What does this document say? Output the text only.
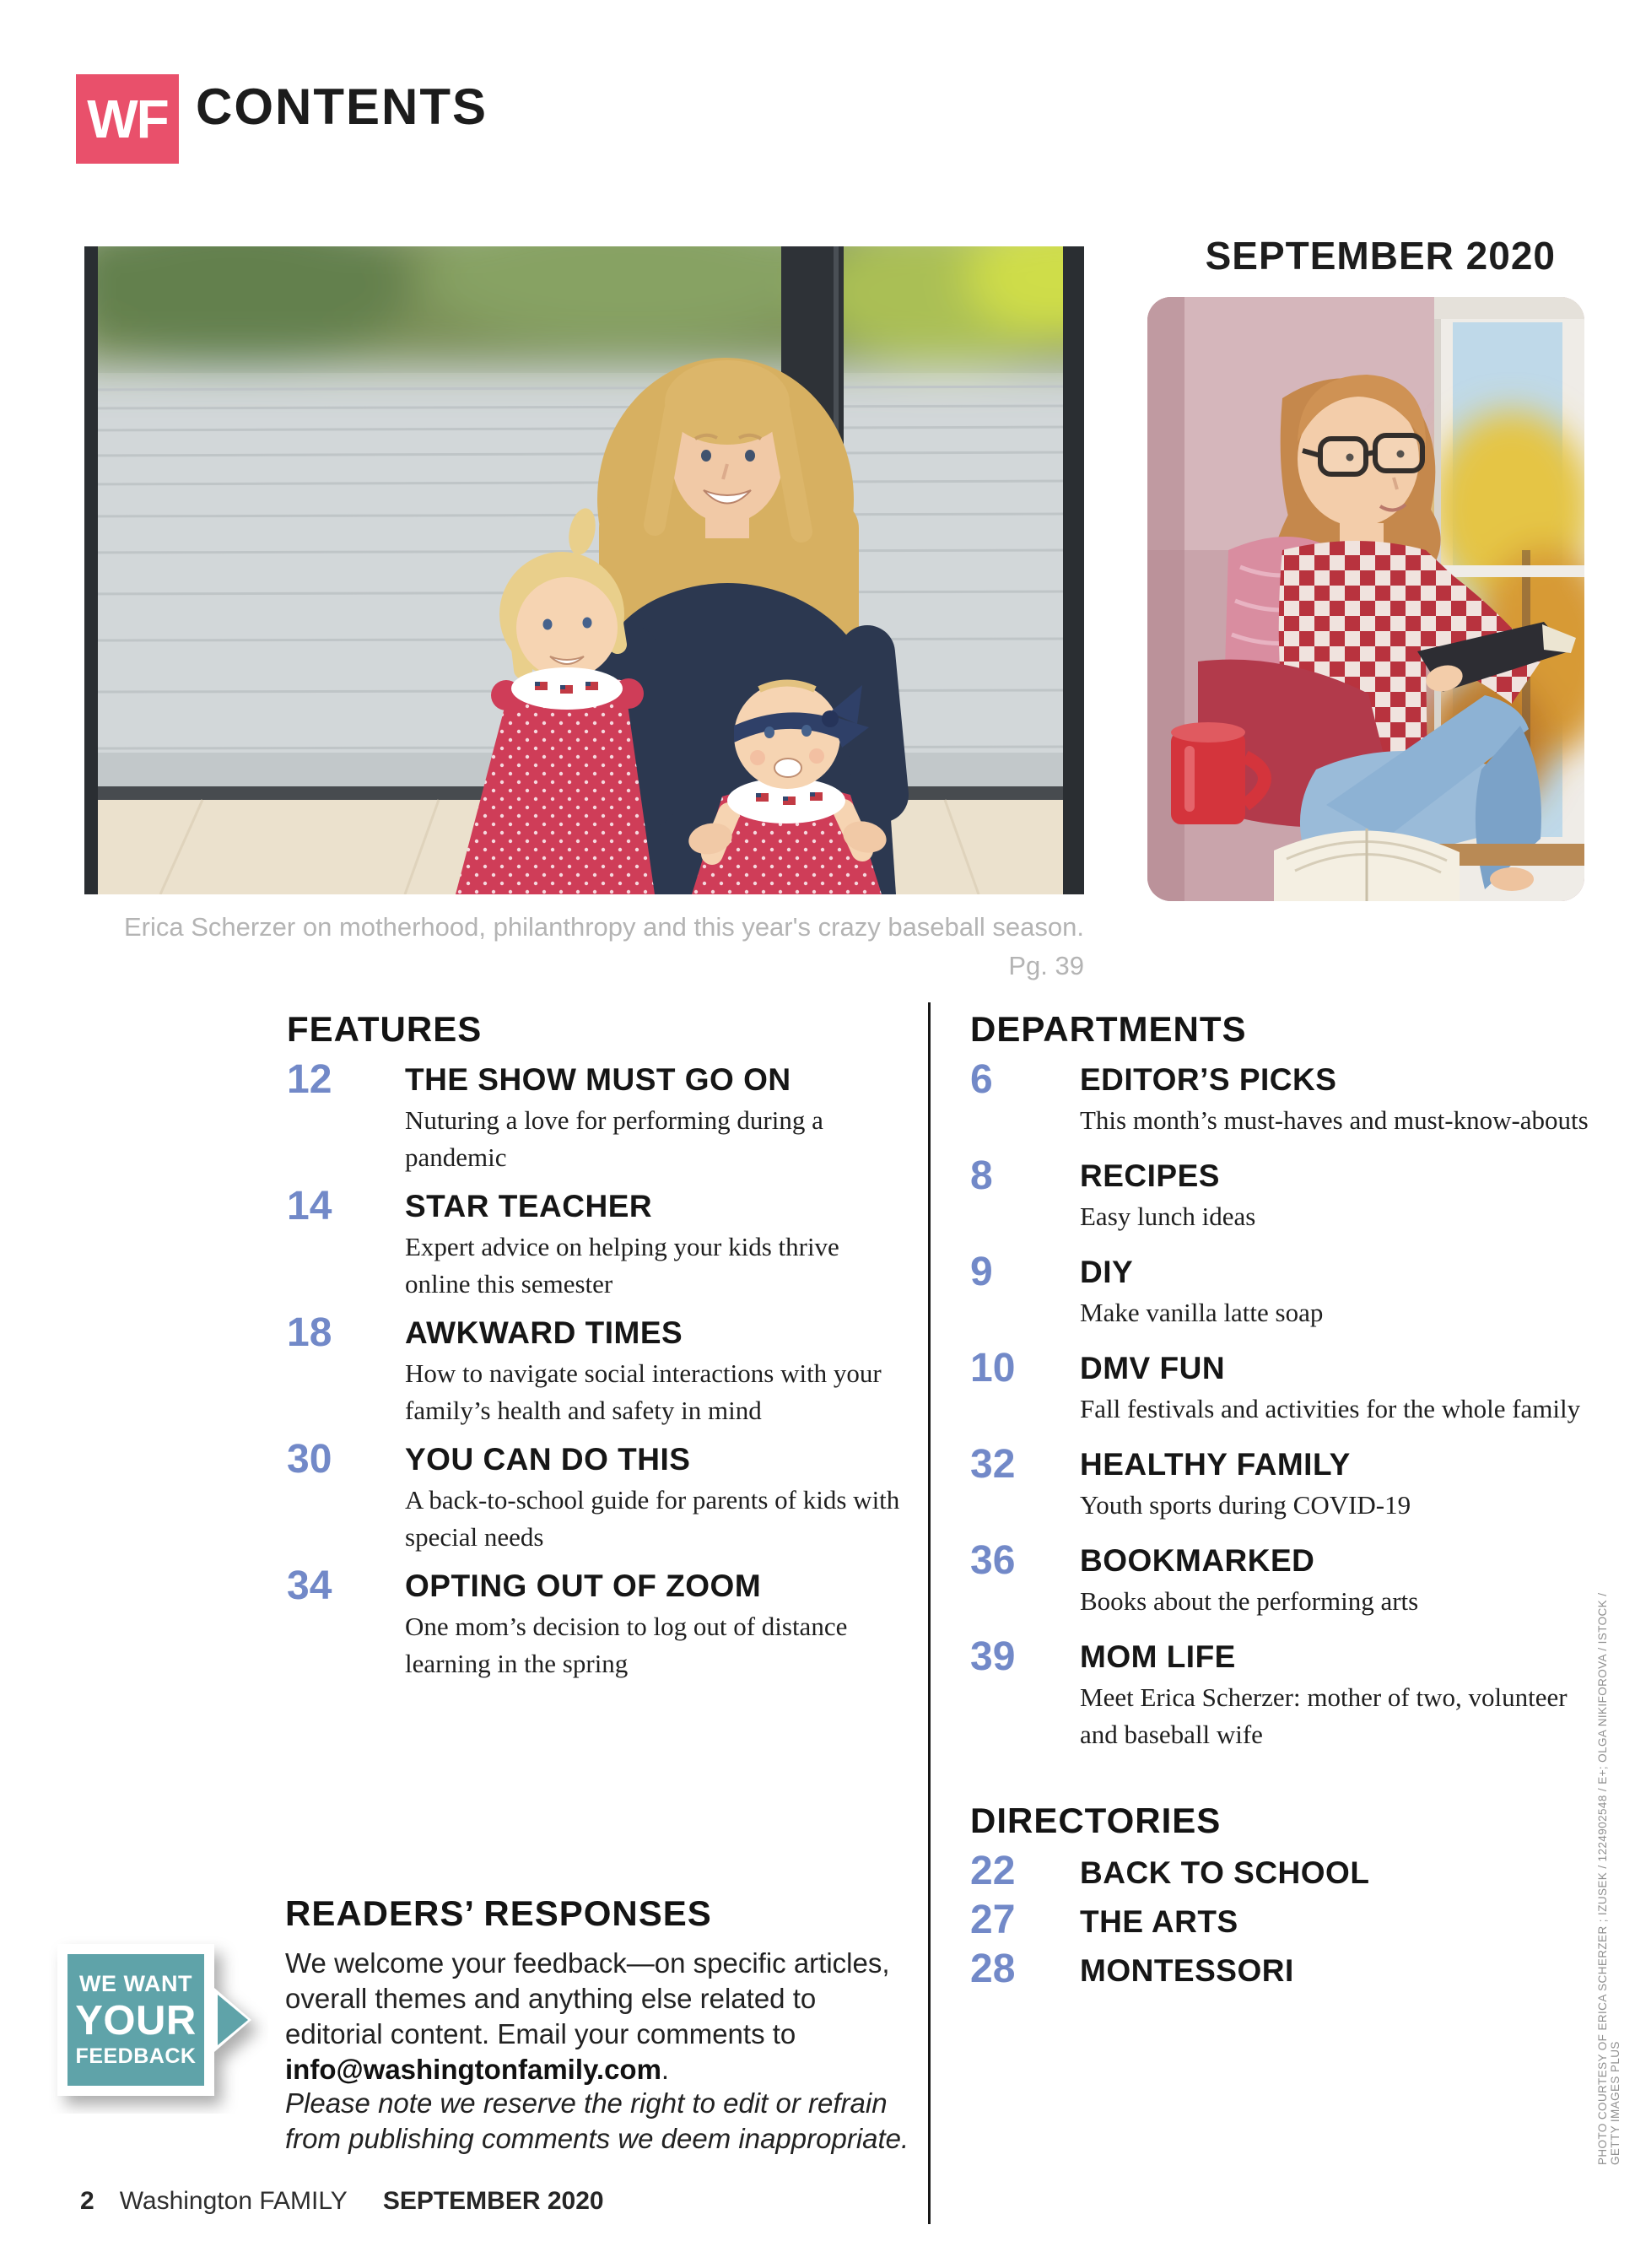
WF CONTENTS
SEPTEMBER 2020
Erica Scherzer on motherhood, philanthropy and this year's crazy baseball season.
Pg. 39
FEATURES
12	THE SHOW MUST GO ON
Nuturing a love for performing during a pandemic
14	STAR TEACHER
Expert advice on helping your kids thrive online this semester
18	AWKWARD TIMES
How to navigate social interactions with your family’s health and safety in mind
30	YOU CAN DO THIS
A back-to-school guide for parents of kids with special needs
34	OPTING OUT OF ZOOM
One mom’s decision to log out of distance learning in the spring
DEPARTMENTS
6	EDITOR’S PICKS
This month’s must-haves and must-know-abouts
8	RECIPES
Easy lunch ideas
9	DIY
Make vanilla latte soap
10	DMV FUN
Fall festivals and activities for the whole family
32	HEALTHY FAMILY
Youth sports during COVID-19
36	BOOKMARKED
Books about the performing arts
39	MOM LIFE
Meet Erica Scherzer: mother of two, volunteer and baseball wife
DIRECTORIES
22	BACK TO SCHOOL
27	THE ARTS
28	MONTESSORI
READERS’ RESPONSES
We welcome your feedback—on specific articles, overall themes and anything else related to editorial content. Email your comments to info@washingtonfamily.com.
Please note we reserve the right to edit or refrain from publishing comments we deem inappropriate.
WE WANT
YOUR
FEEDBACK
2 Washington FAMILY SEPTEMBER 2020
PHOTO COURTESY OF ERICA SCHERZER ; IZUSEK / 1224902548 / E+; OLGA NIKIFOROVA / ISTOCK / GETTY IMAGES PLUS
